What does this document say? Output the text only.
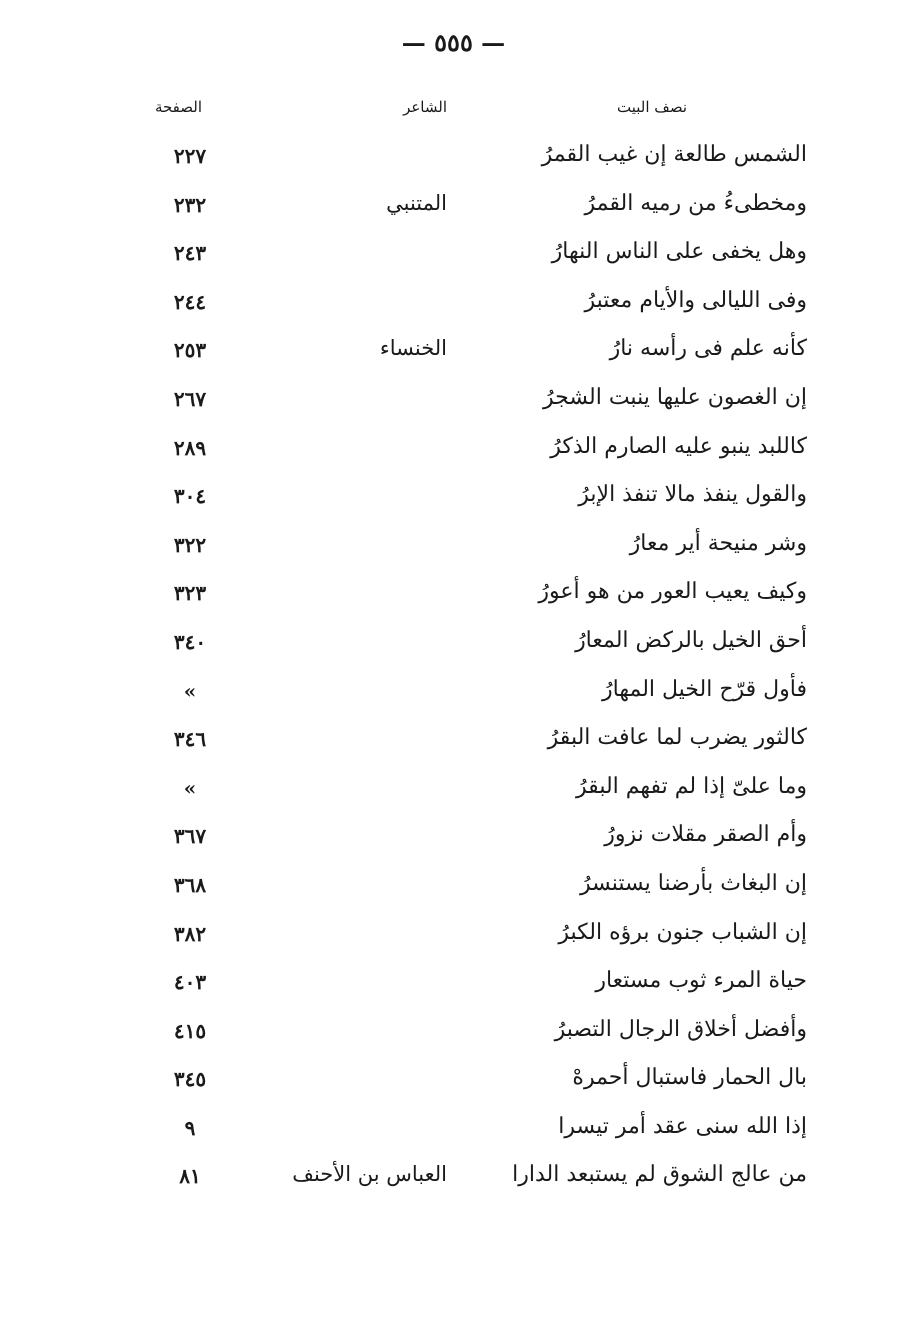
— ٥٥٥ —
نصف البيت
الشاعر
الصفحة
الشمس طالعة إن غيب القمرُ
٢٢٧
ومخطىءُ من رميه القمرُ
المتنبي
٢٣٢
وهل يخفى على الناس النهارُ
٢٤٣
وفى الليالى والأيام معتبرُ
٢٤٤
كأنه علم فى رأسه نارُ
الخنساء
٢٥٣
إن الغصون عليها ينبت الشجرُ
٢٦٧
كاللبد ينبو عليه الصارم الذكرُ
٢٨٩
والقول ينفذ مالا تنفذ الإبرُ
٣٠٤
وشر منيحة أير معارُ
٣٢٢
وكيف يعيب العور من هو أعورُ
٣٢٣
أحق الخيل بالركض المعارُ
٣٤٠
فأول قرّح الخيل المهارُ
»
كالثور يضرب لما عافت البقرُ
٣٤٦
وما علىّ إذا لم تفهم البقرُ
»
وأم الصقر مقلات نزورُ
٣٦٧
إن البغاث بأرضنا يستنسرُ
٣٦٨
إن الشباب جنون برؤه الكبرُ
٣٨٢
حياة المرء ثوب مستعار
٤٠٣
وأفضل أخلاق الرجال التصبرُ
٤١٥
بال الحمار فاستبال أحمرهْ
٣٤٥
إذا الله سنى عقد أمر تيسرا
٩
من عالج الشوق لم يستبعد الدارا
العباس بن الأحنف
٨١
